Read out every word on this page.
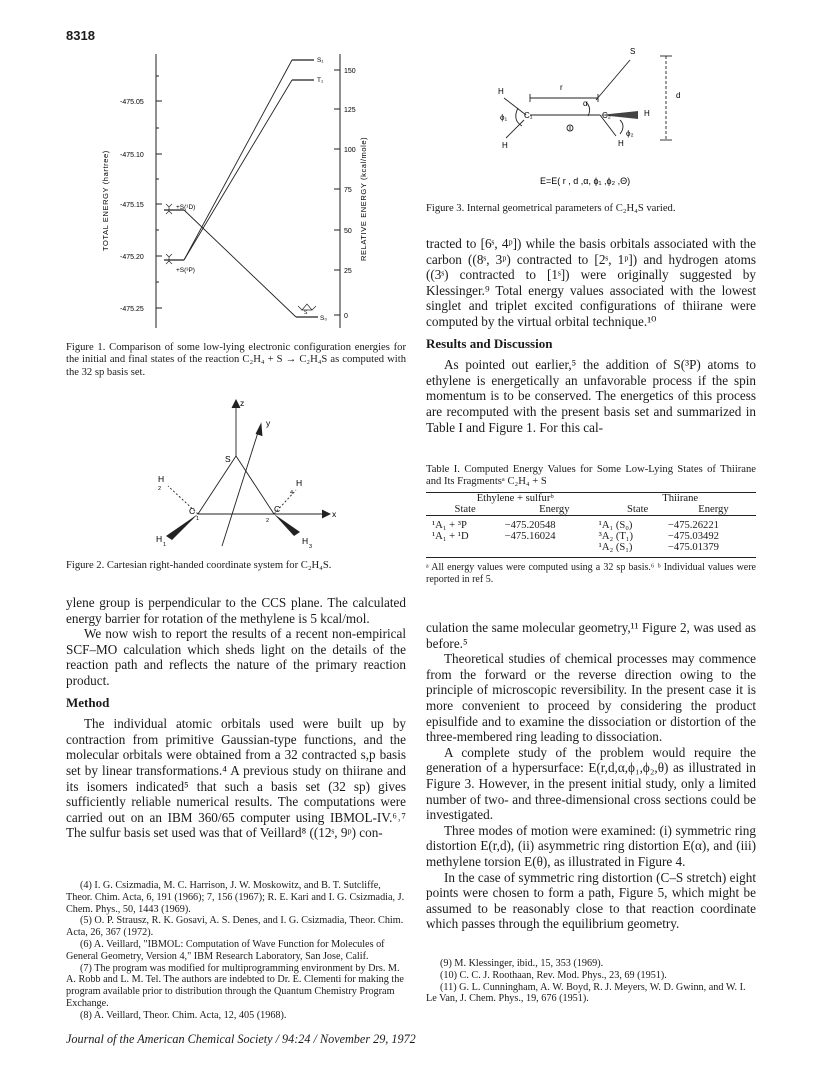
8318
-475.05
-475.10
-475.15
-475.20
-475.25
150
125
100
75
50
25
0
TOTAL ENERGY (hartree)	RELATIVE ENERGY (kcal/mole)
S₁
T₁
S₀
+S(¹D)
+S(³P)
S
Figure 1. Comparison of some low-lying electronic configuration energies for the initial and final states of the reaction C₂H₄ + S → C₂H₄S as computed with the 32 sp basis set.
z
y
x
S
C
1
C
2
H
1
H
2
H
3
H
4
Figure 2. Cartesian right-handed coordinate system for C₂H₄S.

ylene group is perpendicular to the CCS plane. The calculated energy barrier for rotation of the methylene is 5 kcal/mol.

We now wish to report the results of a recent non-empirical SCF–MO calculation which sheds light on the details of the reaction path and reflects the nature of the primary reaction product.

Method

The individual atomic orbitals used were built up by contraction from primitive Gaussian-type functions, and the molecular orbitals were obtained from a 32 contracted s,p basis set by linear transformations.⁴ A previous study on thiirane and its isomers indicated⁵ that such a basis set (32 sp) gives sufficiently reliable numerical results. The computations were carried out on an IBM 360/65 computer using IBMOL-IV.⁶˒⁷ The sulfur basis set used was that of Veillard⁸ ((12ˢ, 9ᵖ) con-

(4) I. G. Csizmadia, M. C. Harrison, J. W. Moskowitz, and B. T. Sutcliffe, Theor. Chim. Acta, 6, 191 (1966); 7, 156 (1967); R. E. Kari and I. G. Csizmadia, J. Chem. Phys., 50, 1443 (1969).
(5) O. P. Strausz, R. K. Gosavi, A. S. Denes, and I. G. Csizmadia, Theor. Chim. Acta, 26, 367 (1972).
(6) A. Veillard, "IBMOL: Computation of Wave Function for Molecules of General Geometry, Version 4," IBM Research Laboratory, San Jose, Calif.
(7) The program was modified for multiprogramming environment by Drs. M. A. Robb and L. M. Tel. The authors are indebted to Dr. E. Clementi for making the program available prior to distribution through the Quantum Chemistry Program Exchange.
(8) A. Veillard, Theor. Chim. Acta, 12, 405 (1968).
S
r
d
α
H
H
H
H
ϕ₁ C₁	C₂
ϕ₂
E=E( r , d ,α, ϕ₁ ,ϕ₂ ,Θ)
Figure 3. Internal geometrical parameters of C₂H₄S varied.

tracted to [6ˢ, 4ᵖ]) while the basis orbitals associated with the carbon ((8ˢ, 3ᵖ) contracted to [2ˢ, 1ᵖ]) and hydrogen atoms ((3ˢ) contracted to [1ˢ]) were originally suggested by Klessinger.⁹ Total energy values associated with the lowest singlet and triplet excited configurations of thiirane were computed by the virtual orbital technique.¹⁰

Results and Discussion

As pointed out earlier,⁵ the addition of S(³P) atoms to ethylene is energetically an unfavorable process if the spin momentum is to be conserved. The energetics of this process are recomputed with the present basis set and summarized in Table I and Figure 1. For this cal-

Table I. Computed Energy Values for Some Low-Lying States of Thiirane and Its Fragmentsᵃ C₂H₄ + S
Ethylene + sulfurᵇ		Thiirane	
State	Energy	State	Energy
¹A₁ + ³P	−475.20548	¹A₁ (S₀)	−475.26221
¹A₁ + ¹D	−475.16024	³A₂ (T₁)	−475.03492
		¹A₂ (S₁)	−475.01379
ᵃ All energy values were computed using a 32 sp basis.⁶ ᵇ Individual values were reported in ref 5.

culation the same molecular geometry,¹¹ Figure 2, was used as before.⁵

Theoretical studies of chemical processes may commence from the forward or the reverse direction owing to the principle of microscopic reversibility. In the present case it is more convenient to proceed by considering the product episulfide and to examine the dissociation or distortion of the three-membered ring leading to dissociation.

A complete study of the problem would require the generation of a hypersurface: E(r,d,α,ϕ₁,ϕ₂,θ) as illustrated in Figure 3. However, in the present initial study, only a limited number of two- and three-dimensional cross sections could be investigated.

Three modes of motion were examined: (i) symmetric ring distortion E(r,d), (ii) asymmetric ring distortion E(α), and (iii) methylene torsion E(θ), as illustrated in Figure 4.

In the case of symmetric ring distortion (C–S stretch) eight points were chosen to form a path, Figure 5, which might be assumed to be reasonably close to that reaction coordinate which passes through the equilibrium geometry.

(9) M. Klessinger, ibid., 15, 353 (1969).
(10) C. C. J. Roothaan, Rev. Mod. Phys., 23, 69 (1951).
(11) G. L. Cunningham, A. W. Boyd, R. J. Meyers, W. D. Gwinn, and W. I. Le Van, J. Chem. Phys., 19, 676 (1951).
Journal of the American Chemical Society / 94:24 / November 29, 1972
